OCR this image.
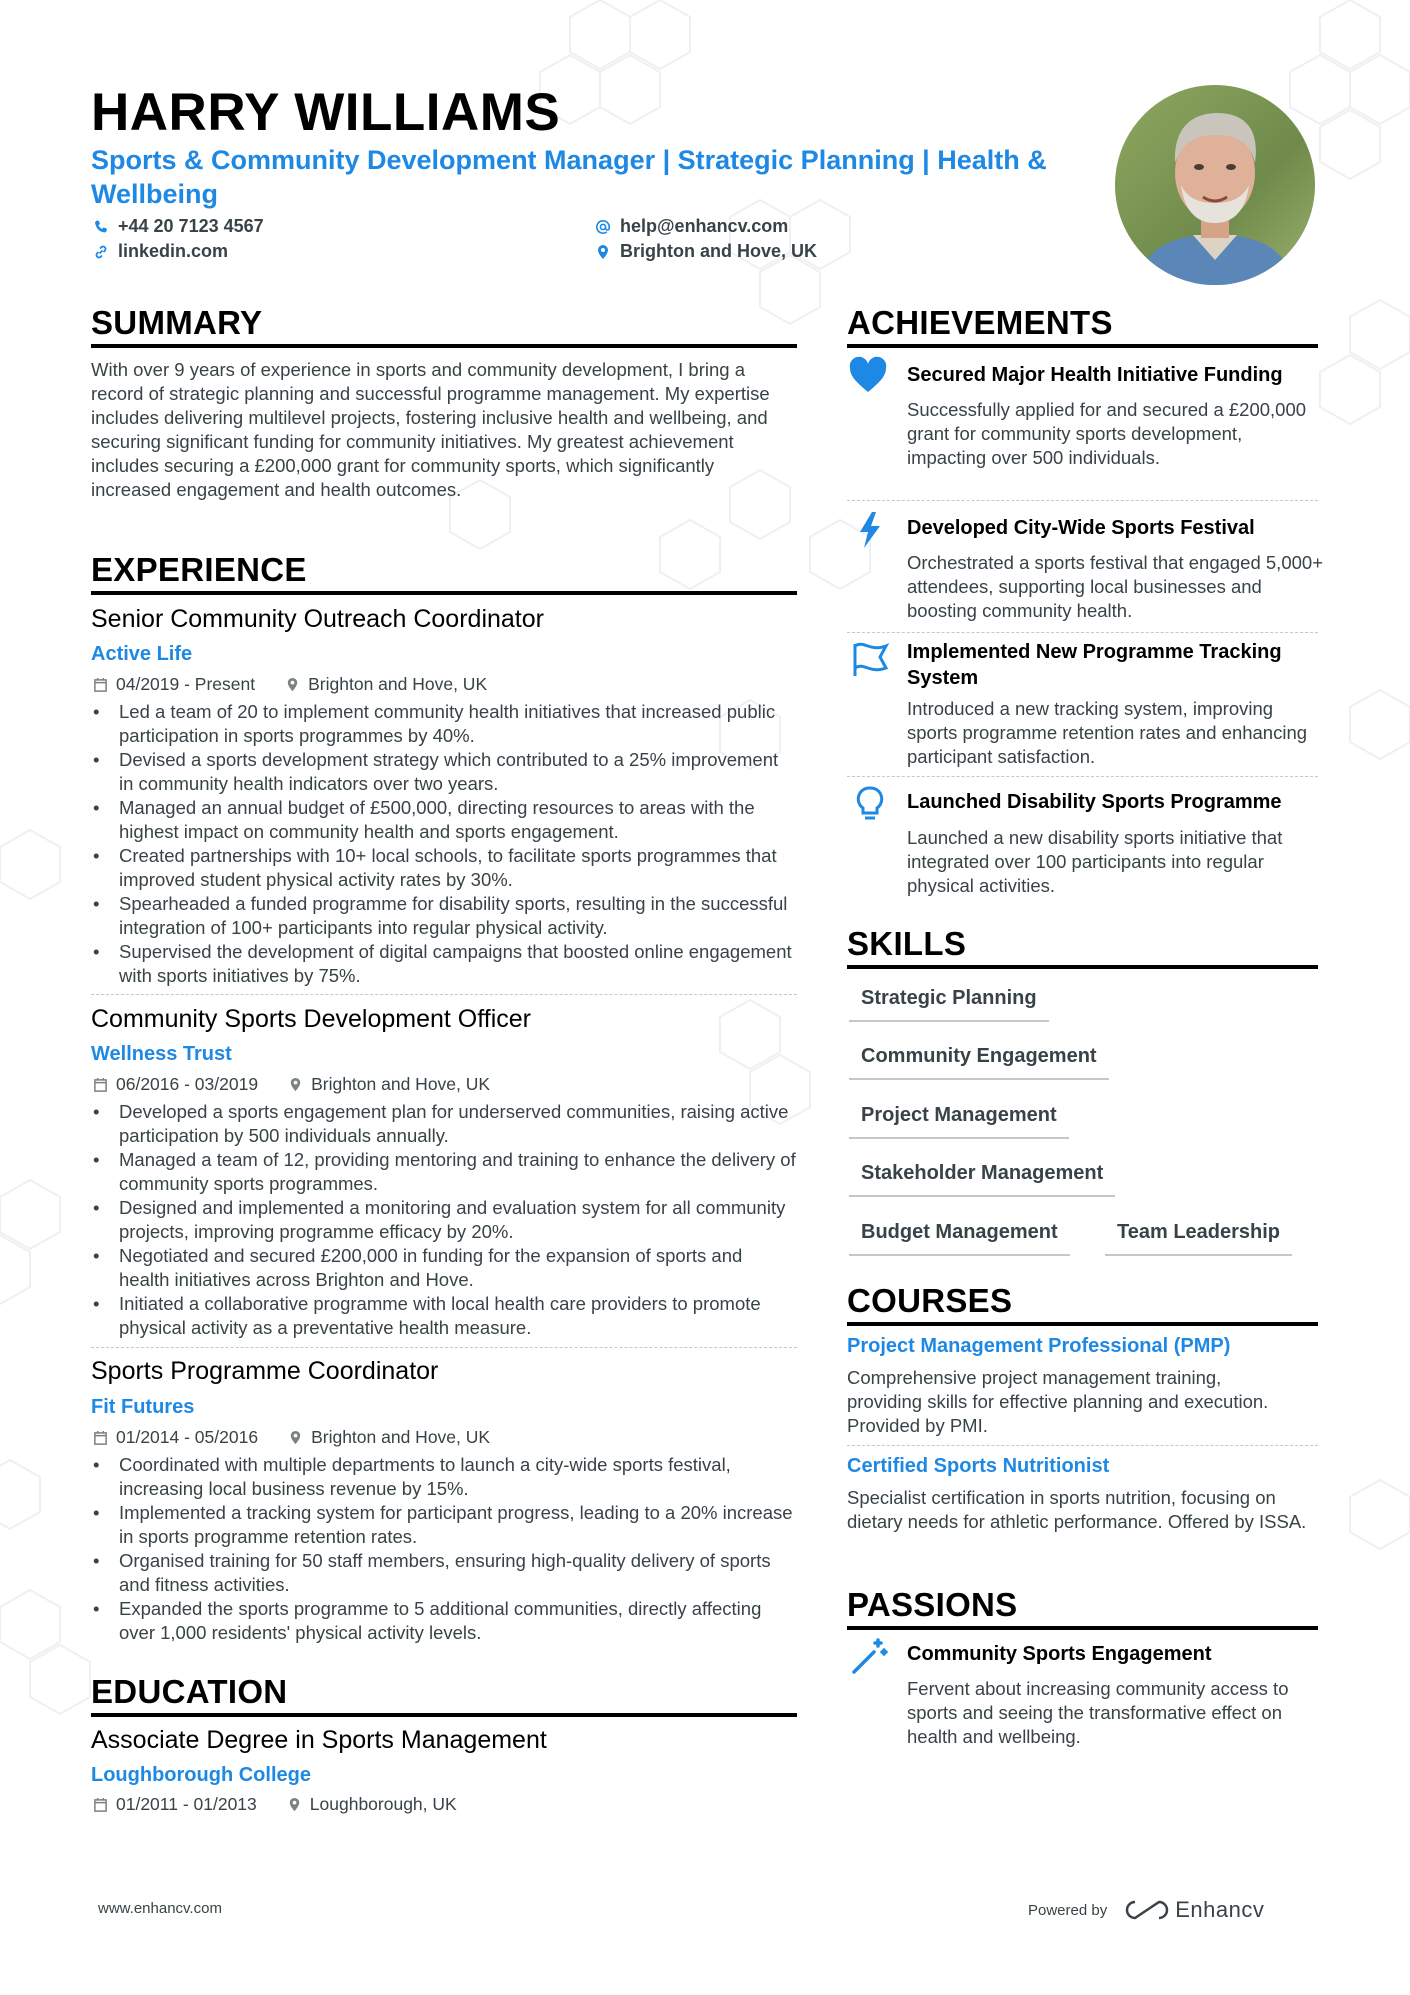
HARRY WILLIAMS
Sports & Community Development Manager | Strategic Planning | Health & Wellbeing
+44 20 7123 4567
linkedin.com
help@enhancv.com
Brighton and Hove, UK
SUMMARY
With over 9 years of experience in sports and community development, I bring a record of strategic planning and successful programme management. My expertise includes delivering multilevel projects, fostering inclusive health and wellbeing, and securing significant funding for community initiatives. My greatest achievement includes securing a £200,000 grant for community sports, which significantly increased engagement and health outcomes.
EXPERIENCE
Senior Community Outreach Coordinator
Active Life
04/2019 - Present	Brighton and Hove, UK
• Led a team of 20 to implement community health initiatives that increased public participation in sports programmes by 40%.
• Devised a sports development strategy which contributed to a 25% improvement in community health indicators over two years.
• Managed an annual budget of £500,000, directing resources to areas with the highest impact on community health and sports engagement.
• Created partnerships with 10+ local schools, to facilitate sports programmes that improved student physical activity rates by 30%.
• Spearheaded a funded programme for disability sports, resulting in the successful integration of 100+ participants into regular physical activity.
• Supervised the development of digital campaigns that boosted online engagement with sports initiatives by 75%.
Community Sports Development Officer
Wellness Trust
06/2016 - 03/2019	Brighton and Hove, UK
• Developed a sports engagement plan for underserved communities, raising active participation by 500 individuals annually.
• Managed a team of 12, providing mentoring and training to enhance the delivery of community sports programmes.
• Designed and implemented a monitoring and evaluation system for all community projects, improving programme efficacy by 20%.
• Negotiated and secured £200,000 in funding for the expansion of sports and health initiatives across Brighton and Hove.
• Initiated a collaborative programme with local health care providers to promote physical activity as a preventative health measure.
Sports Programme Coordinator
Fit Futures
01/2014 - 05/2016	Brighton and Hove, UK
• Coordinated with multiple departments to launch a city-wide sports festival, increasing local business revenue by 15%.
• Implemented a tracking system for participant progress, leading to a 20% increase in sports programme retention rates.
• Organised training for 50 staff members, ensuring high-quality delivery of sports and fitness activities.
• Expanded the sports programme to 5 additional communities, directly affecting over 1,000 residents' physical activity levels.
EDUCATION
Associate Degree in Sports Management
Loughborough College
01/2011 - 01/2013	Loughborough, UK
ACHIEVEMENTS
Secured Major Health Initiative Funding
Successfully applied for and secured a £200,000 grant for community sports development, impacting over 500 individuals.
Developed City-Wide Sports Festival
Orchestrated a sports festival that engaged 5,000+ attendees, supporting local businesses and boosting community health.
Implemented New Programme Tracking System
Introduced a new tracking system, improving sports programme retention rates and enhancing participant satisfaction.
Launched Disability Sports Programme
Launched a new disability sports initiative that integrated over 100 participants into regular physical activities.
SKILLS
Strategic Planning
Community Engagement
Project Management
Stakeholder Management
Budget Management	Team Leadership
COURSES
Project Management Professional (PMP)
Comprehensive project management training, providing skills for effective planning and execution. Provided by PMI.
Certified Sports Nutritionist
Specialist certification in sports nutrition, focusing on dietary needs for athletic performance. Offered by ISSA.
PASSIONS
Community Sports Engagement
Fervent about increasing community access to sports and seeing the transformative effect on health and wellbeing.
www.enhancv.com	Powered by	Enhancv
